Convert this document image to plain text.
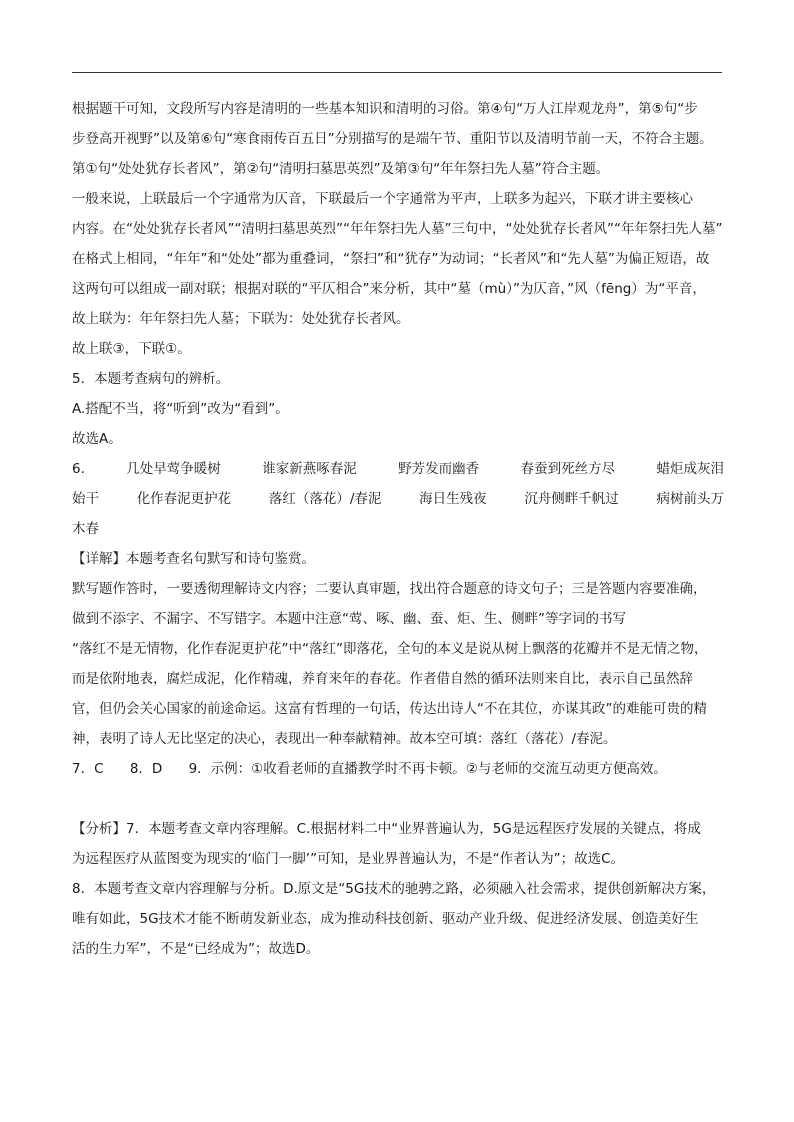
根据题干可知，文段所写内容是清明的一些基本知识和清明的习俗。第④句“万人江岸观龙舟”，第⑤句“步
步登高开视野”以及第⑥句“寒食雨传百五日”分别描写的是端午节、重阳节以及清明节前一天，不符合主题。
第①句“处处犹存长者风”，第②句“清明扫墓思英烈”及第③句“年年祭扫先人墓”符合主题。
一般来说，上联最后一个字通常为仄音，下联最后一个字通常为平声，上联多为起兴，下联才讲主要核心
内容。在“处处犹存长者风”“清明扫墓思英烈”“年年祭扫先人墓”三句中，“处处犹存长者风”“年年祭扫先人墓”
在格式上相同，“年年”和“处处”都为重叠词，“祭扫”和“犹存”为动词；“长者风”和“先人墓”为偏正短语，故
这两句可以组成一副对联；根据对联的“平仄相合”来分析，其中“墓（mù）”为仄音，”风（fēng）为“平音，
故上联为：年年祭扫先人墓；下联为：处处犹存长者风。
故上联③，下联①。
5．本题考查病句的辨析。
A.搭配不当，将“听到”改为“看到”。
故选A。
6.	几处早莺争暖树	谁家新燕啄春泥	野芳发而幽香	春蚕到死丝方尽	蜡炬成灰泪
始干	化作春泥更护花	落红（落花）/春泥	海日生残夜	沉舟侧畔千帆过	病树前头万
木春
【详解】本题考查名句默写和诗句鉴赏。
默写题作答时，一要透彻理解诗文内容；二要认真审题，找出符合题意的诗文句子；三是答题内容要准确，
做到不添字、不漏字、不写错字。本题中注意“莺、啄、幽、蚕、炬、生、侧畔”等字词的书写
“落红不是无情物，化作春泥更护花”中“落红”即落花，全句的本义是说从树上飘落的花瓣并不是无情之物，
而是依附地表，腐烂成泥，化作精魂，养育来年的春花。作者借自然的循环法则来自比，表示自己虽然辞
官，但仍会关心国家的前途命运。这富有哲理的一句话，传达出诗人“不在其位，亦谋其政”的难能可贵的精
神，表明了诗人无比坚定的决心，表现出一种奉献精神。故本空可填：落红（落花）/春泥。
7．C 8．D 9．示例：①收看老师的直播教学时不再卡顿。②与老师的交流互动更方便高效。
【分析】7．本题考查文章内容理解。C.根据材料二中“业界普遍认为，5G是远程医疗发展的关键点，将成
为远程医疗从蓝图变为现实的‘临门一脚’”可知，是业界普遍认为，不是“作者认为”；故选C。
8．本题考查文章内容理解与分析。D.原文是“5G技术的驰骋之路，必须融入社会需求，提供创新解决方案，
唯有如此，5G技术才能不断萌发新业态，成为推动科技创新、驱动产业升级、促进经济发展、创造美好生
活的生力军”，不是“已经成为”；故选D。
